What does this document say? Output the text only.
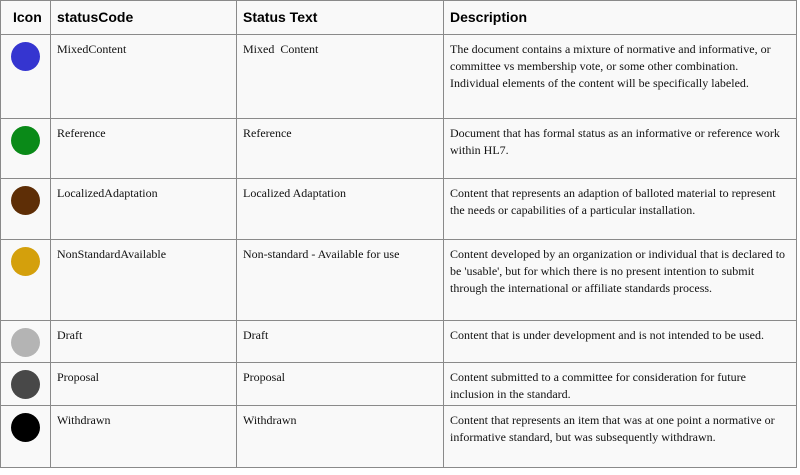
Icon	statusCode	Status Text	Description

	MixedContent	Mixed  Content	The document contains a mixture of normative and informative, or committee vs membership vote, or some other combination. Individual elements of the content will be specifically labeled.

	Reference	Reference	Document that has formal status as an informative or reference work within HL7.

	LocalizedAdaptation	Localized Adaptation	Content that represents an adaption of balloted material to represent the needs or capabilities of a particular installation.

	NonStandardAvailable	Non-standard - Available for use	Content developed by an organization or individual that is declared to be 'usable', but for which there is no present intention to submit through the international or affiliate standards process.

	Draft	Draft	Content that is under development and is not intended to be used.

	Proposal	Proposal	Content submitted to a committee for consideration for future inclusion in the standard.

	Withdrawn	Withdrawn	Content that represents an item that was at one point a normative or informative standard, but was subsequently withdrawn.
